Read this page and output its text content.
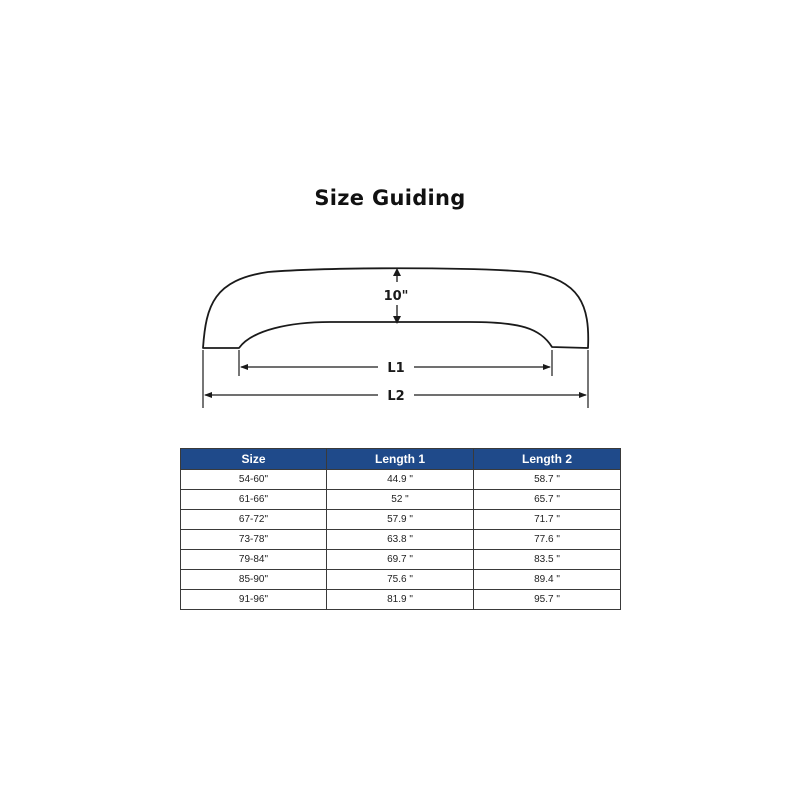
Size Guiding
10"
L1
L2
Size	Length 1	Length 2
54-60"	44.9 "	58.7 "
61-66"	52 "	65.7 "
67-72"	57.9 "	71.7 "
73-78"	63.8 "	77.6 "
79-84"	69.7 "	83.5 "
85-90"	75.6 "	89.4 "
91-96"	81.9 "	95.7 "
